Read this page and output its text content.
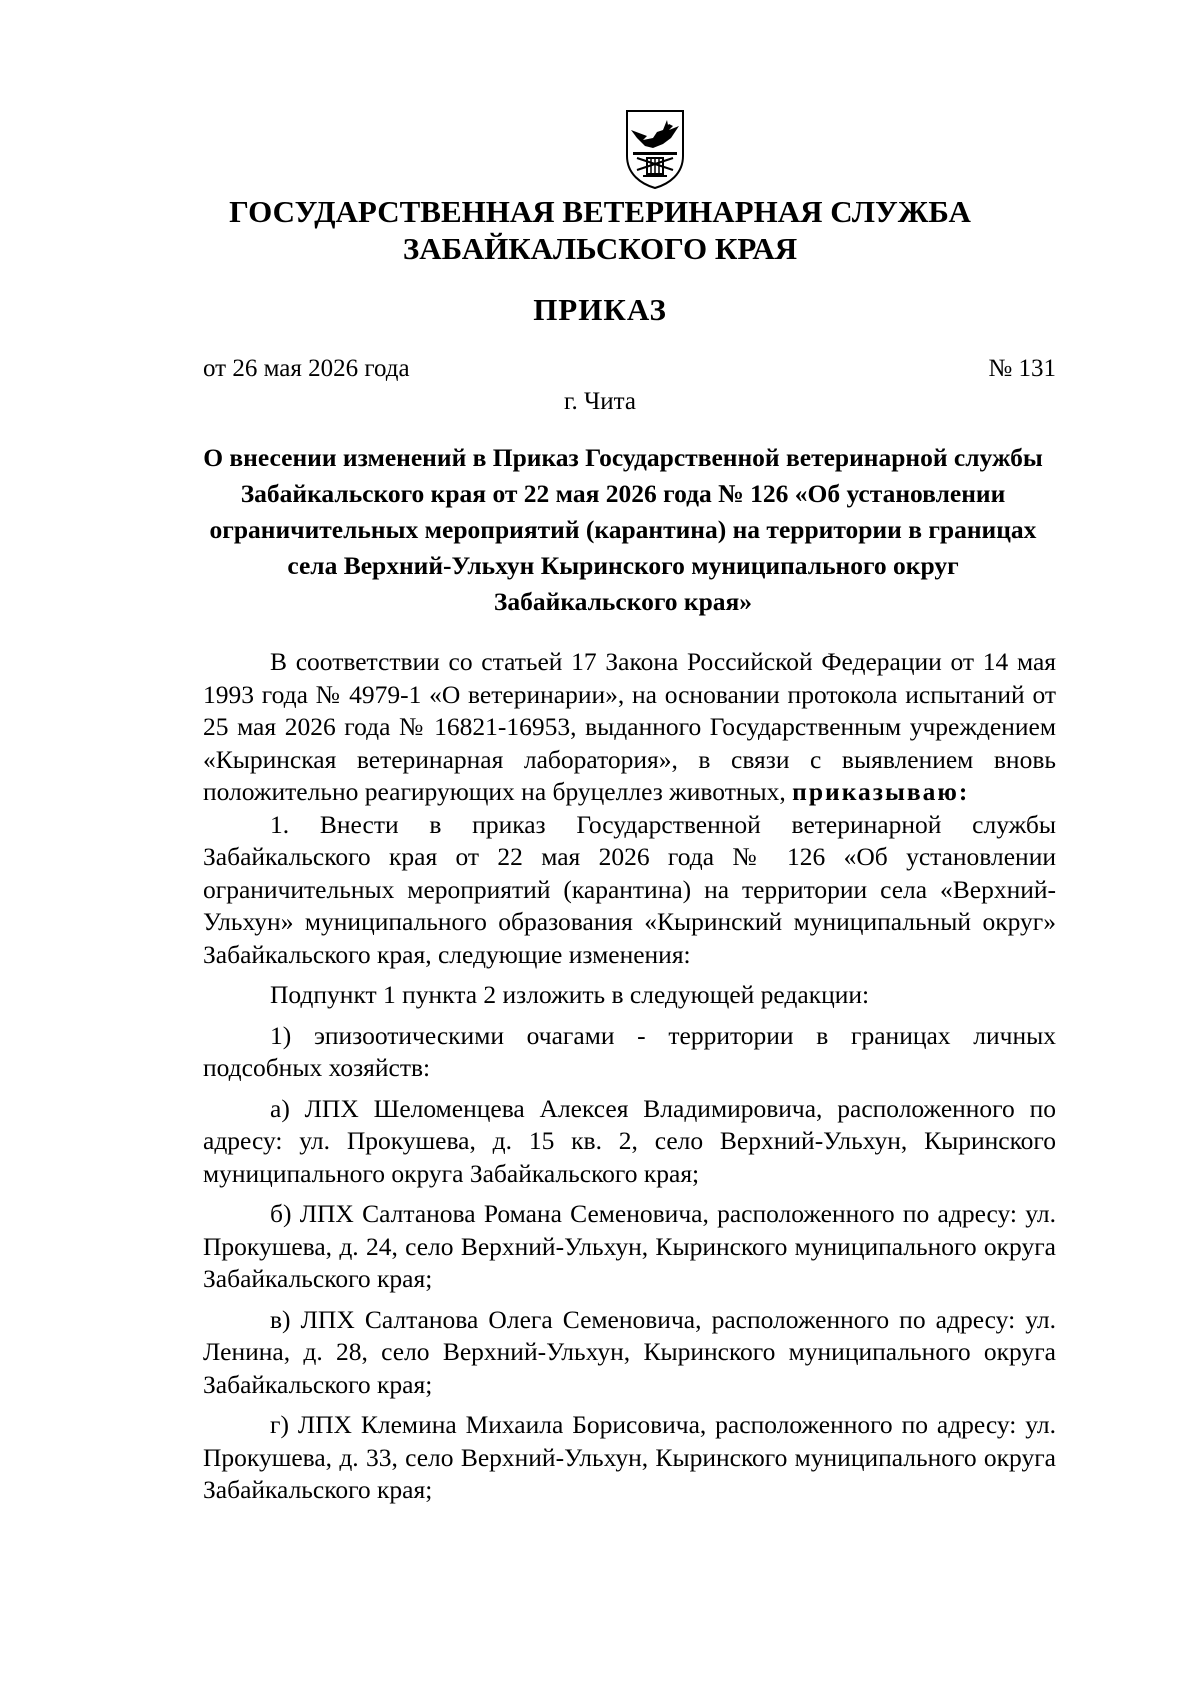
ГОСУДАРСТВЕННАЯ ВЕТЕРИНАРНАЯ СЛУЖБА
ЗАБАЙКАЛЬСКОГО КРАЯ
ПРИКАЗ
от 26 мая 2026 года	№ 131
г. Чита
О внесении изменений в Приказ Государственной ветеринарной службы
Забайкальского края от 22 мая 2026 года № 126 «Об установлении
ограничительных мероприятий (карантина) на территории в границах
села Верхний-Ульхун Кыринского муниципального округ
Забайкальского края»

В соответствии со статьей 17 Закона Российской Федерации от 14 мая 1993 года № 4979-1 «О ветеринарии», на основании протокола испытаний от 25 мая 2026 года № 16821-16953, выданного Государственным учреждением «Кыринская ветеринарная лаборатория», в связи с выявлением вновь положительно реагирующих на бруцеллез животных, приказываю:

1. Внести в приказ Государственной ветеринарной службы Забайкальского края от 22 мая 2026 года № 126 «Об установлении ограничительных мероприятий (карантина) на территории села «Верхний-Ульхун» муниципального образования «Кыринский муниципальный округ» Забайкальского края, следующие изменения:

Подпункт 1 пункта 2 изложить в следующей редакции:

1) эпизоотическими очагами - территории в границах личных подсобных хозяйств:

а) ЛПХ Шеломенцева Алексея Владимировича, расположенного по адресу: ул. Прокушева, д. 15 кв. 2, село Верхний-Ульхун, Кыринского муниципального округа Забайкальского края;

б) ЛПХ Салтанова Романа Семеновича, расположенного по адресу: ул. Прокушева, д. 24, село Верхний-Ульхун, Кыринского муниципального округа Забайкальского края;

в) ЛПХ Салтанова Олега Семеновича, расположенного по адресу: ул. Ленина, д. 28, село Верхний-Ульхун, Кыринского муниципального округа Забайкальского края;

г) ЛПХ Клемина Михаила Борисовича, расположенного по адресу: ул. Прокушева, д. 33, село Верхний-Ульхун, Кыринского муниципального округа Забайкальского края;
